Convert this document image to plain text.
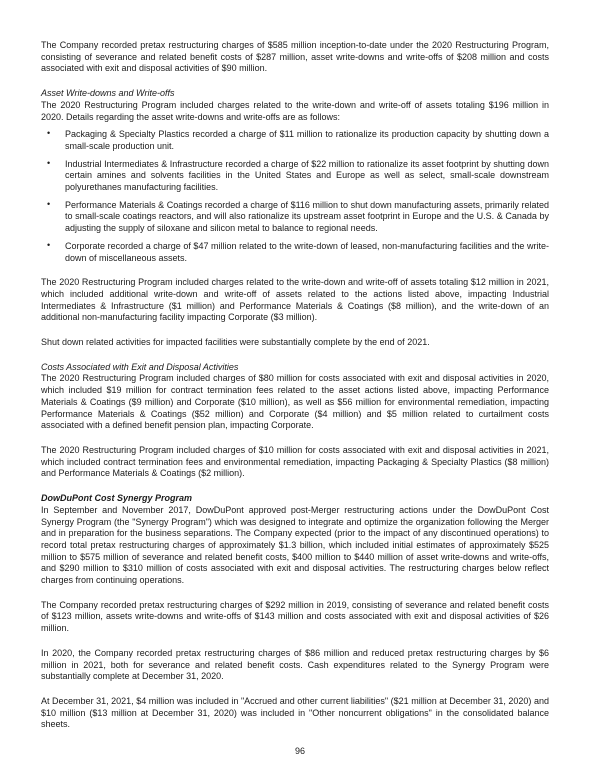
The Company recorded pretax restructuring charges of $585 million inception-to-date under the 2020 Restructuring Program, consisting of severance and related benefit costs of $287 million, asset write-downs and write-offs of $208 million and costs associated with exit and disposal activities of $90 million.

Asset Write-downs and Write-offs

The 2020 Restructuring Program included charges related to the write-down and write-off of assets totaling $196 million in 2020. Details regarding the asset write-downs and write-offs are as follows:

• Packaging & Specialty Plastics recorded a charge of $11 million to rationalize its production capacity by shutting down a small-scale production unit.
• Industrial Intermediates & Infrastructure recorded a charge of $22 million to rationalize its asset footprint by shutting down certain amines and solvents facilities in the United States and Europe as well as select, small-scale downstream polyurethanes manufacturing facilities.
• Performance Materials & Coatings recorded a charge of $116 million to shut down manufacturing assets, primarily related to small-scale coatings reactors, and will also rationalize its upstream asset footprint in Europe and the U.S. & Canada by adjusting the supply of siloxane and silicon metal to balance to regional needs.
• Corporate recorded a charge of $47 million related to the write-down of leased, non-manufacturing facilities and the write-down of miscellaneous assets.

The 2020 Restructuring Program included charges related to the write-down and write-off of assets totaling $12 million in 2021, which included additional write-down and write-off of assets related to the actions listed above, impacting Industrial Intermediates & Infrastructure ($1 million) and Performance Materials & Coatings ($8 million), and the write-down of an additional non-manufacturing facility impacting Corporate ($3 million).

Shut down related activities for impacted facilities were substantially complete by the end of 2021.

Costs Associated with Exit and Disposal Activities

The 2020 Restructuring Program included charges of $80 million for costs associated with exit and disposal activities in 2020, which included $19 million for contract termination fees related to the asset actions listed above, impacting Performance Materials & Coatings ($9 million) and Corporate ($10 million), as well as $56 million for environmental remediation, impacting Performance Materials & Coatings ($52 million) and Corporate ($4 million) and $5 million related to curtailment costs associated with a defined benefit pension plan, impacting Corporate.

The 2020 Restructuring Program included charges of $10 million for costs associated with exit and disposal activities in 2021, which included contract termination fees and environmental remediation, impacting Packaging & Specialty Plastics ($8 million) and Performance Materials & Coatings ($2 million).

DowDuPont Cost Synergy Program

In September and November 2017, DowDuPont approved post-Merger restructuring actions under the DowDuPont Cost Synergy Program (the "Synergy Program") which was designed to integrate and optimize the organization following the Merger and in preparation for the business separations. The Company expected (prior to the impact of any discontinued operations) to record total pretax restructuring charges of approximately $1.3 billion, which included initial estimates of approximately $525 million to $575 million of severance and related benefit costs, $400 million to $440 million of asset write-downs and write-offs, and $290 million to $310 million of costs associated with exit and disposal activities. The restructuring charges below reflect charges from continuing operations.

The Company recorded pretax restructuring charges of $292 million in 2019, consisting of severance and related benefit costs of $123 million, assets write-downs and write-offs of $143 million and costs associated with exit and disposal activities of $26 million.

In 2020, the Company recorded pretax restructuring charges of $86 million and reduced pretax restructuring charges by $6 million in 2021, both for severance and related benefit costs. Cash expenditures related to the Synergy Program were substantially complete at December 31, 2020.

At December 31, 2021, $4 million was included in "Accrued and other current liabilities" ($21 million at December 31, 2020) and $10 million ($13 million at December 31, 2020) was included in "Other noncurrent obligations" in the consolidated balance sheets.

96
